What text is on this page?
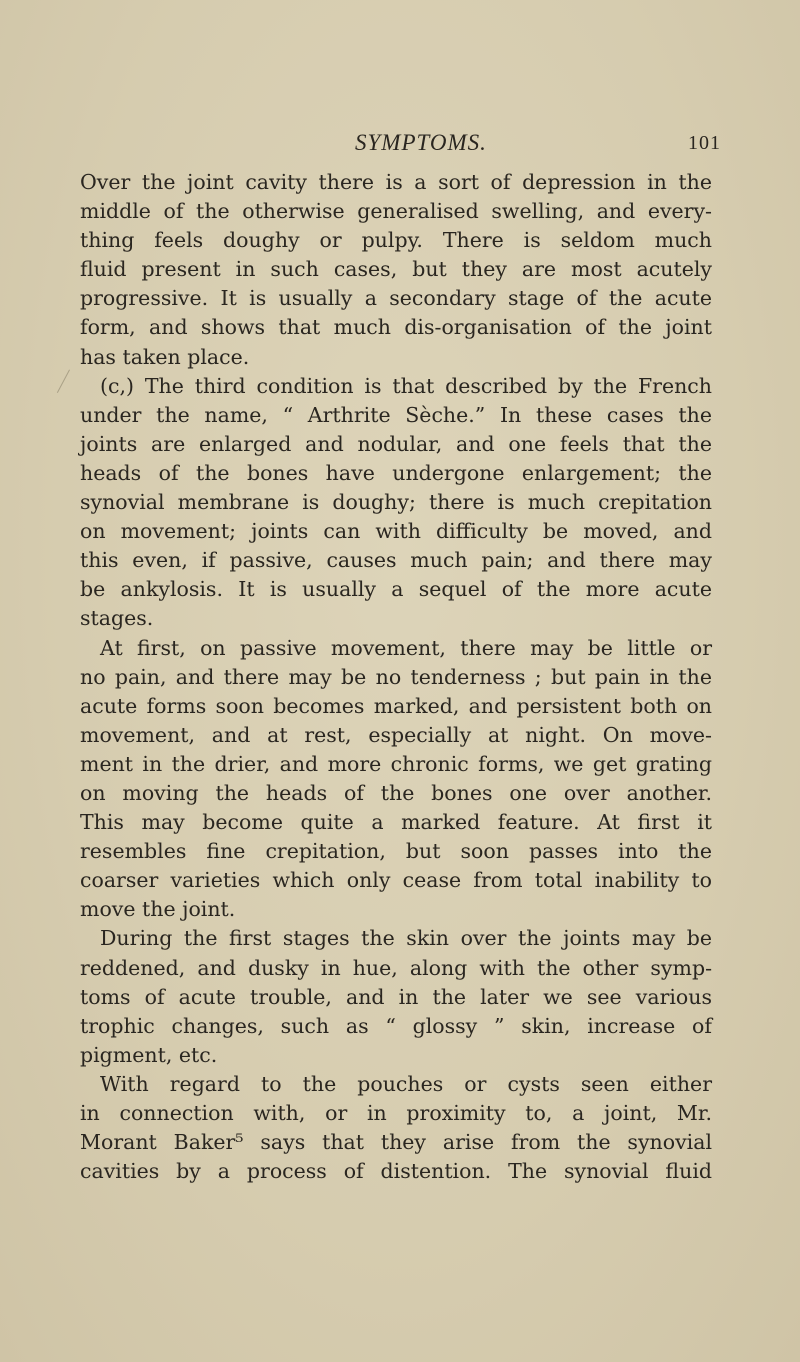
SYMPTOMS.	101
Over the joint cavity there is a sort of depression in the
middle of the otherwise generalised swelling, and every-
thing feels doughy or pulpy. There is seldom much
fluid present in such cases, but they are most acutely
progressive. It is usually a secondary stage of the acute
form, and shows that much dis-organisation of the joint
has taken place.
(c,) The third condition is that described by the French
under the name, “ Arthrite Sèche.” In these cases the
joints are enlarged and nodular, and one feels that the
heads of the bones have undergone enlargement; the
synovial membrane is doughy; there is much crepitation
on movement; joints can with difficulty be moved, and
this even, if passive, causes much pain; and there may
be ankylosis. It is usually a sequel of the more acute
stages.
At first, on passive movement, there may be little or
no pain, and there may be no tenderness ; but pain in the
acute forms soon becomes marked, and persistent both on
movement, and at rest, especially at night. On move-
ment in the drier, and more chronic forms, we get grating
on moving the heads of the bones one over another.
This may become quite a marked feature. At first it
resembles fine crepitation, but soon passes into the
coarser varieties which only cease from total inability to
move the joint.
During the first stages the skin over the joints may be
reddened, and dusky in hue, along with the other symp-
toms of acute trouble, and in the later we see various
trophic changes, such as “ glossy ” skin, increase of
pigment, etc.
With regard to the pouches or cysts seen either
in connection with, or in proximity to, a joint, Mr.
Morant Baker⁵ says that they arise from the synovial
cavities by a process of distention. The synovial fluid
